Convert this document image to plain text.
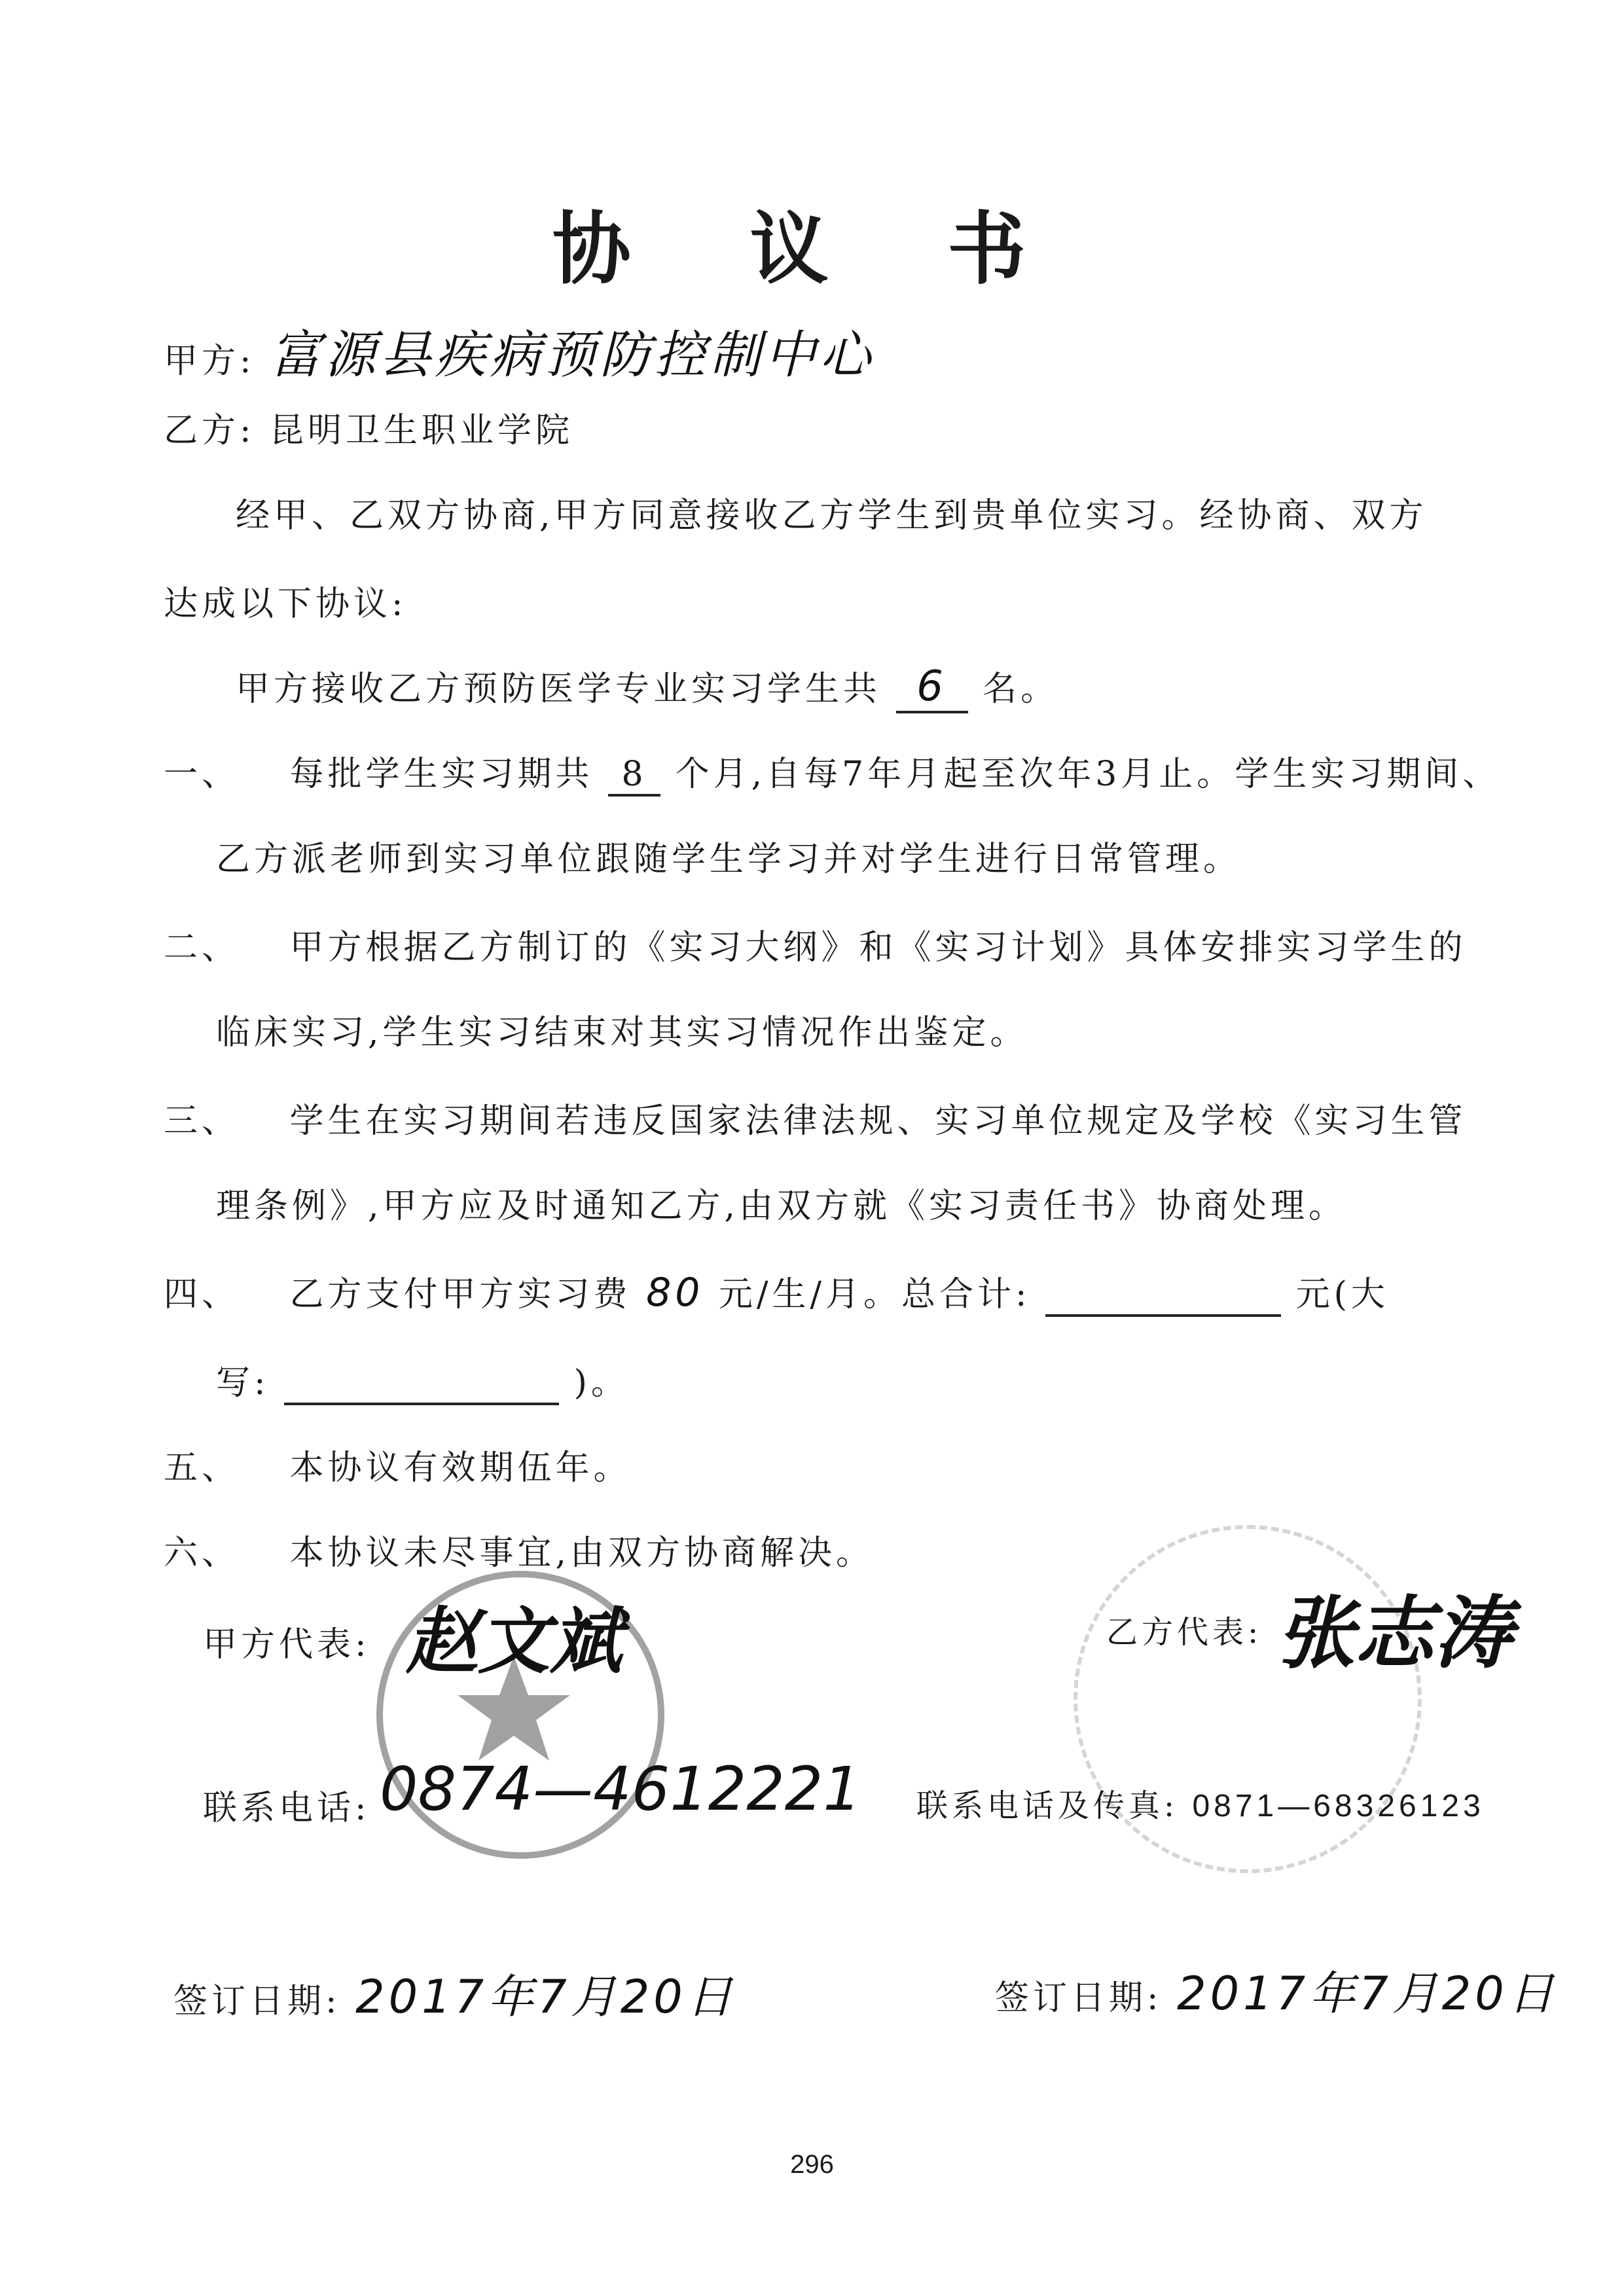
协 议 书
甲方: 富源县疾病预防控制中心
乙方: 昆明卫生职业学院
经甲、乙双方协商,甲方同意接收乙方学生到贵单位实习。经协商、双方
达成以下协议:
甲方接收乙方预防医学专业实习学生共 6 名。
一、 每批学生实习期共 8 个月,自每7年月起至次年3月止。学生实习期间、
乙方派老师到实习单位跟随学生学习并对学生进行日常管理。
二、 甲方根据乙方制订的《实习大纲》和《实习计划》具体安排实习学生的
临床实习,学生实习结束对其实习情况作出鉴定。
三、 学生在实习期间若违反国家法律法规、实习单位规定及学校《实习生管
理条例》,甲方应及时通知乙方,由双方就《实习责任书》协商处理。
四、 乙方支付甲方实习费 80 元/生/月。总合计:	元(大
写:	)。
五、 本协议有效期伍年。
六、 本协议未尽事宜,由双方协商解决。
甲方代表: 赵文斌
联系电话: 0874—4612221
乙方代表: 张志涛
联系电话及传真: 0871—68326123
签订日期: 2017年7月20日	签订日期: 2017年7月20日
296
